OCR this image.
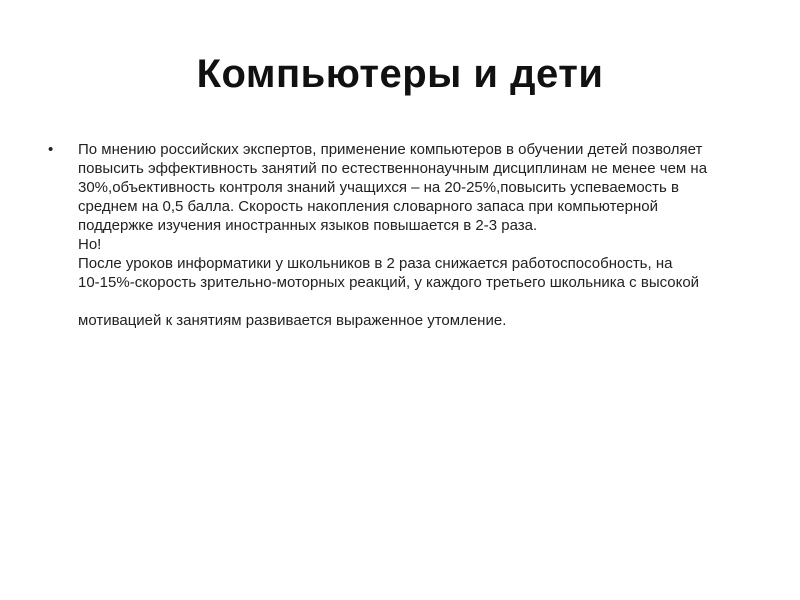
Компьютеры и дети
•	По мнению российских экспертов, применение компьютеров в обучении детей позволяет
повысить эффективность занятий по естественнонаучным дисциплинам не менее чем на
30%,объективность контроля знаний учащихся – на 20-25%,повысить успеваемость в
среднем на 0,5 балла. Скорость накопления словарного запаса при компьютерной
поддержке изучения иностранных языков повышается в 2-3 раза.
Но!
После уроков информатики у школьников в 2 раза снижается работоспособность, на
10-15%-скорость зрительно-моторных реакций, у каждого третьего школьника с высокой
мотивацией к занятиям развивается выраженное утомление.
